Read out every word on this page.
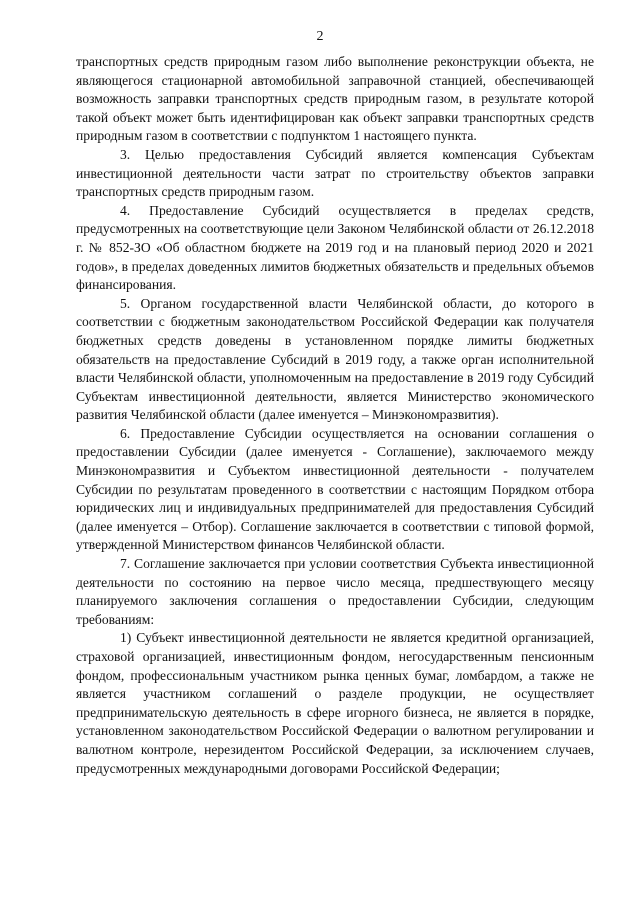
2

транспортных средств природным газом либо выполнение реконструкции объекта, не являющегося стационарной автомобильной заправочной станцией, обеспечивающей возможность заправки транспортных средств природным газом, в результате которой такой объект может быть идентифицирован как объект заправки транспортных средств природным газом в соответствии с подпунктом 1 настоящего пункта.

3. Целью предоставления Субсидий является компенсация Субъектам инвестиционной деятельности части затрат по строительству объектов заправки транспортных средств природным газом.

4. Предоставление Субсидий осуществляется в пределах средств, предусмотренных на соответствующие цели Законом Челябинской области от 26.12.2018 г. № 852-ЗО «Об областном бюджете на 2019 год и на плановый период 2020 и 2021 годов», в пределах доведенных лимитов бюджетных обязательств и предельных объемов финансирования.

5. Органом государственной власти Челябинской области, до которого в соответствии с бюджетным законодательством Российской Федерации как получателя бюджетных средств доведены в установленном порядке лимиты бюджетных обязательств на предоставление Субсидий в 2019 году, а также орган исполнительной власти Челябинской области, уполномоченным на предоставление в 2019 году Субсидий Субъектам инвестиционной деятельности, является Министерство экономического развития Челябинской области (далее именуется – Минэкономразвития).

6. Предоставление Субсидии осуществляется на основании соглашения о предоставлении Субсидии (далее именуется - Соглашение), заключаемого между Минэкономразвития и Субъектом инвестиционной деятельности - получателем Субсидии по результатам проведенного в соответствии с настоящим Порядком отбора юридических лиц и индивидуальных предпринимателей для предоставления Субсидий (далее именуется – Отбор). Соглашение заключается в соответствии с типовой формой, утвержденной Министерством финансов Челябинской области.

7. Соглашение заключается при условии соответствия Субъекта инвестиционной деятельности по состоянию на первое число месяца, предшествующего месяцу планируемого заключения соглашения о предоставлении Субсидии, следующим требованиям:

1) Субъект инвестиционной деятельности не является кредитной организацией, страховой организацией, инвестиционным фондом, негосударственным пенсионным фондом, профессиональным участником рынка ценных бумаг, ломбардом, а также не является участником соглашений о разделе продукции, не осуществляет предпринимательскую деятельность в сфере игорного бизнеса, не является в порядке, установленном законодательством Российской Федерации о валютном регулировании и валютном контроле, нерезидентом Российской Федерации, за исключением случаев, предусмотренных международными договорами Российской Федерации;
